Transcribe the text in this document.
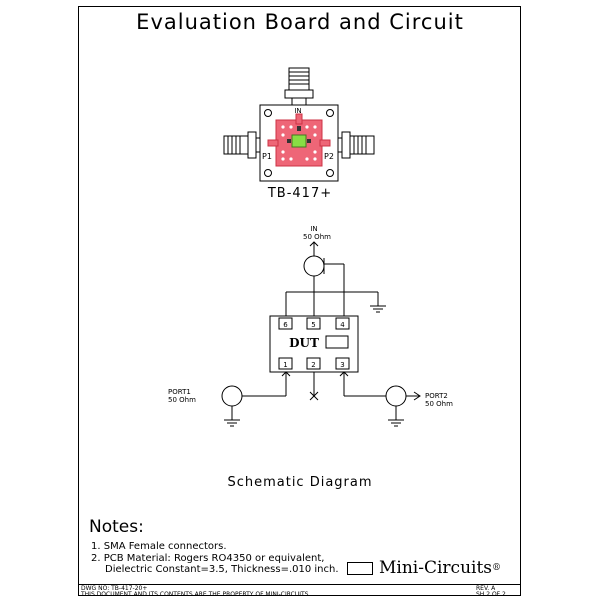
Evaluation Board and Circuit
IN
P1	P2
IN
50 Ohm
6	5	4
1	2	3
DUT
PORT1
50 Ohm	PORT2
50 Ohm
TB-417+
Schematic Diagram
Notes:
1. SMA Female connectors.
2. PCB Material: Rogers RO4350 or equivalent,
Dielectric Constant=3.5, Thickness=.010 inch. Mini-Circuits ®
DWG NO: TB-417-20+
THIS DOCUMENT AND ITS CONTENTS ARE THE PROPERTY OF MINI-CIRCUITS.
REV. A
SH 2 OF 2
